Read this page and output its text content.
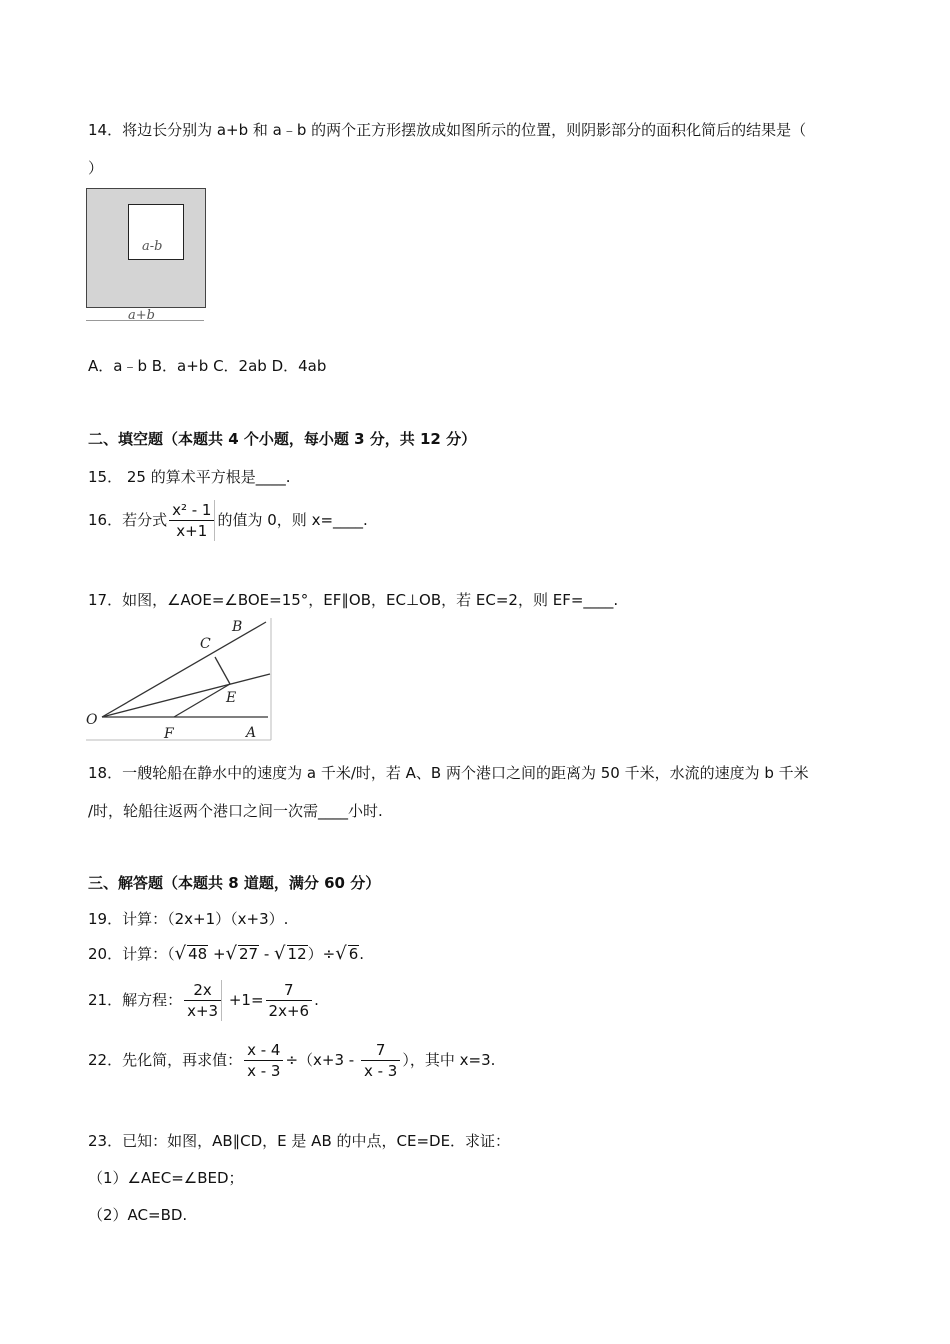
14．将边长分别为 a+b 和 a﹣b 的两个正方形摆放成如图所示的位置，则阴影部分的面积化简后的结果是（
）
a-b
a+b
A．a﹣b B．a+b C．2ab D．4ab
二、填空题（本题共 4 个小题，每小题 3 分，共 12 分）
15． 25 的算术平方根是____.
16．若分式 $\frac{\text{x² - 1}}{x+1}$ 的值为 0，则 x=____.
17．如图，∠AOE=∠BOE=15°，EF∥OB，EC⊥OB，若 EC=2，则 EF=____.
O
A
B
C
E
F
18．一艘轮船在静水中的速度为 a 千米/时，若 A、B 两个港口之间的距离为 50 千米，水流的速度为 b 千米
/时，轮船往返两个港口之间一次需____小时.
三、解答题（本题共 8 道题，满分 60 分）
19．计算：（2x+1）（x+3）.
20．计算：（√ 48 +√ 27 - √ 12）÷√ 6.
21．解方程： $\frac{2x}{x+3} +1= \frac{7}{2x+6}$ .
22．先化简，再求值： $\frac{x - 4}{x - 3} \div(x+3 - \frac{7}{x - 3}$ ），其中 x=3.
23．已知：如图，AB∥CD，E 是 AB 的中点，CE=DE．求证：
（1）∠AEC=∠BED；
（2）AC=BD.
